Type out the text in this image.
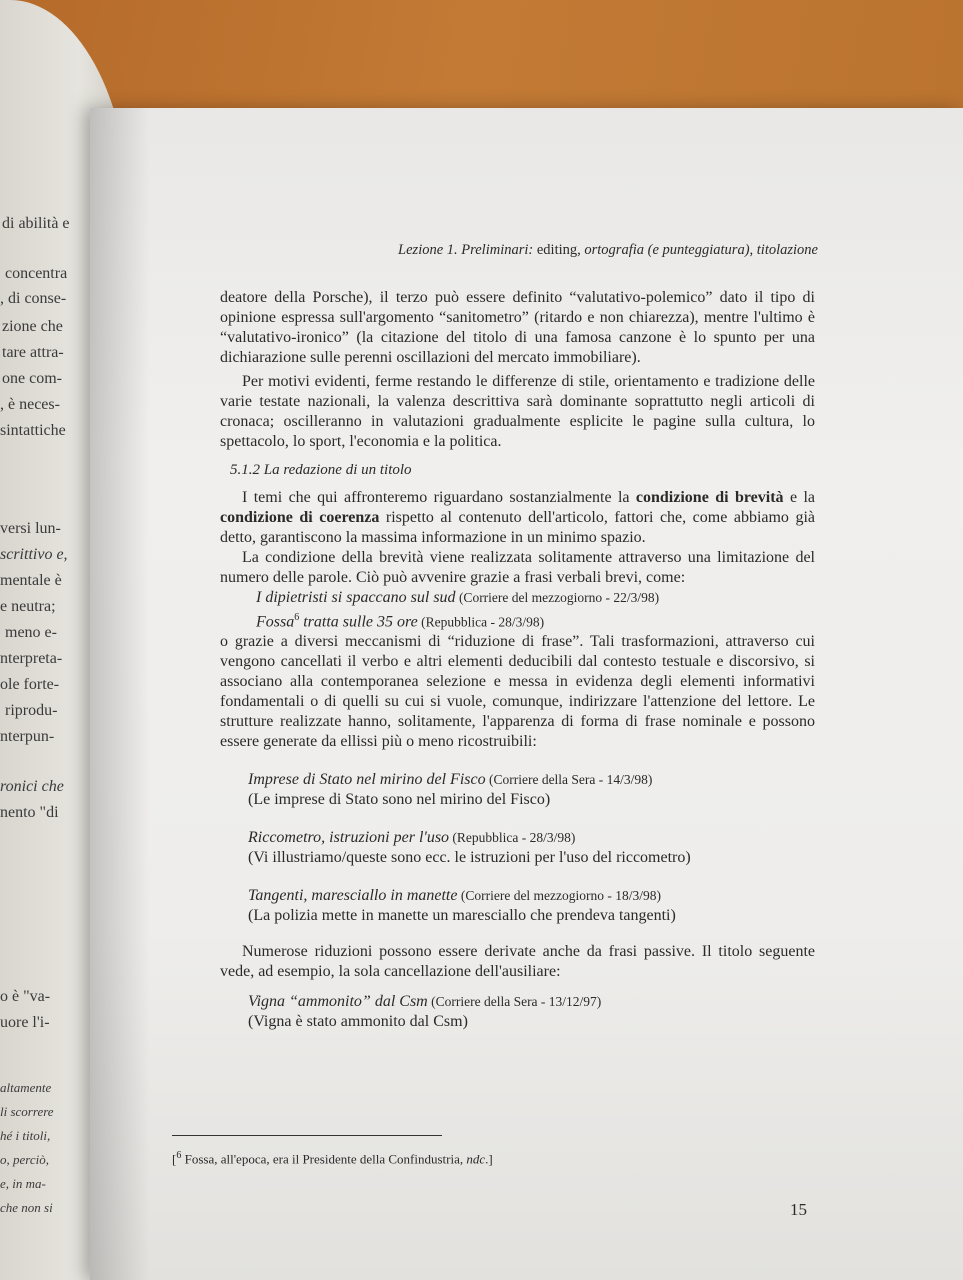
di abilità e
concentra
, di conse-
zione che
tare attra-
one com-
, è neces-
sintattiche
versi lun-
scrittivo e,
mentale è
e neutra;
meno e-
nterpreta-
ole forte-
riprodu-
nterpun-
ronici che
nento "di
o è "va-
uore l'i-
altamente
li scorrere
hé i titoli,
o, perciò,
e, in ma-
che non si
Lezione 1. Preliminari: editing, ortografia (e punteggiatura), titolazione

deatore della Porsche), il terzo può essere definito “valutativo-polemico” dato il tipo di opinione espressa sull'argomento “sanitometro” (ritardo e non chiarezza), mentre l'ultimo è “valutativo-ironico” (la citazione del titolo di una famosa canzone è lo spunto per una dichiarazione sulle perenni oscillazioni del mercato immobiliare).

Per motivi evidenti, ferme restando le differenze di stile, orientamento e tradizione delle varie testate nazionali, la valenza descrittiva sarà dominante soprattutto negli articoli di cronaca; oscilleranno in valutazioni gradualmente esplicite le pagine sulla cultura, lo spettacolo, lo sport, l'economia e la politica.

5.1.2 La redazione di un titolo

I temi che qui affronteremo riguardano sostanzialmente la condizione di brevità e la condizione di coerenza rispetto al contenuto dell'articolo, fattori che, come abbiamo già detto, garantiscono la massima informazione in un minimo spazio.

La condizione della brevità viene realizzata solitamente attraverso una limitazione del numero delle parole. Ciò può avvenire grazie a frasi verbali brevi, come:

I dipietristi si spaccano sul sud (Corriere del mezzogiorno - 22/3/98)
Fossa$^6$ tratta sulle 35 ore (Repubblica - 28/3/98)

o grazie a diversi meccanismi di “riduzione di frase”. Tali trasformazioni, attraverso cui vengono cancellati il verbo e altri elementi deducibili dal contesto testuale e discorsivo, si associano alla contemporanea selezione e messa in evidenza degli elementi informativi fondamentali o di quelli su cui si vuole, comunque, indirizzare l'attenzione del lettore. Le strutture realizzate hanno, solitamente, l'apparenza di forma di frase nominale e possono essere generate da ellissi più o meno ricostruibili:

Imprese di Stato nel mirino del Fisco (Corriere della Sera - 14/3/98)
(Le imprese di Stato sono nel mirino del Fisco)
Riccometro, istruzioni per l'uso (Repubblica - 28/3/98)
(Vi illustriamo/queste sono ecc. le istruzioni per l'uso del riccometro)
Tangenti, maresciallo in manette (Corriere del mezzogiorno - 18/3/98)
(La polizia mette in manette un maresciallo che prendeva tangenti)

Numerose riduzioni possono essere derivate anche da frasi passive. Il titolo seguente vede, ad esempio, la sola cancellazione dell'ausiliare:

Vigna “ammonito” dal Csm (Corriere della Sera - 13/12/97)
(Vigna è stato ammonito dal Csm)
[$^6$ Fossa, all'epoca, era il Presidente della Confindustria, ndc.]
15
